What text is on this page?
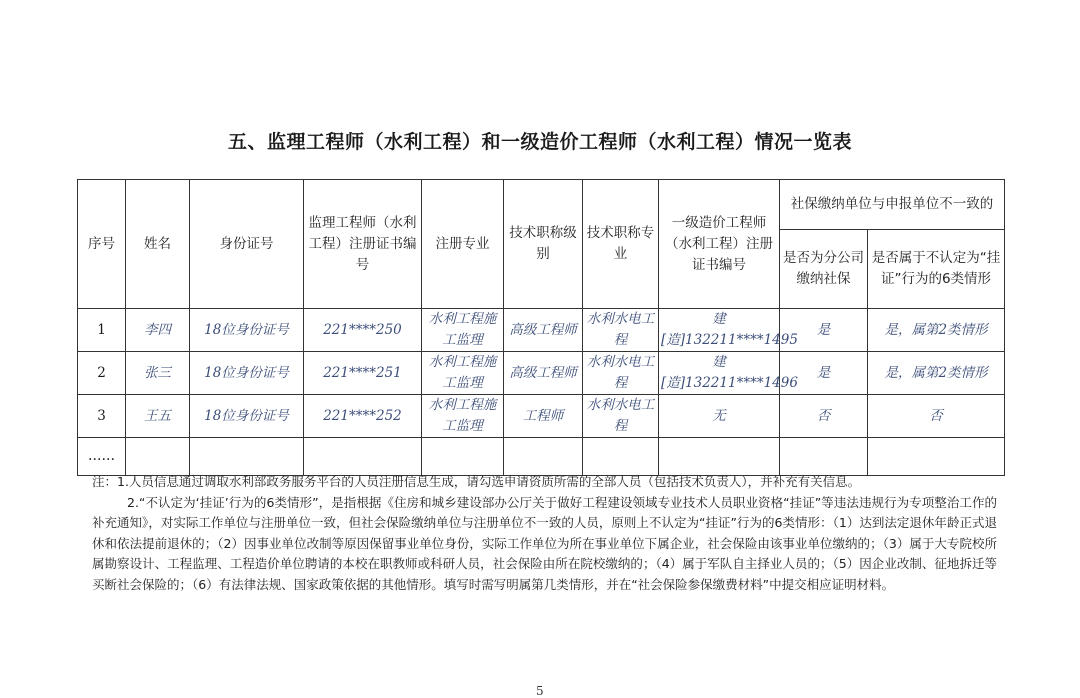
五、监理工程师（水利工程）和一级造价工程师（水利工程）情况一览表
序号	姓名	身份证号	监理工程师（水利工程）注册证书编号	注册专业	技术职称级别	技术职称专业	一级造价工程师（水利工程）注册证书编号	社保缴纳单位与申报单位不一致的	
								是否为分公司缴纳社保	是否属于不认定为“挂证”行为的6类情形
1	李四	18位身份证号	221****250	水利工程施工监理	高级工程师	水利水电工程	建[造]132211****1495	是	是，属第2类情形
2	张三	18位身份证号	221****251	水利工程施工监理	高级工程师	水利水电工程	建[造]132211****1496	是	是，属第2类情形
3	王五	18位身份证号	221****252	水利工程施工监理	工程师	水利水电工程	无	否	否
……									

注：1.人员信息通过调取水利部政务服务平台的人员注册信息生成，请勾选申请资质所需的全部人员（包括技术负责人），并补充有关信息。

2.“不认定为‘挂证’行为的6类情形”，是指根据《住房和城乡建设部办公厅关于做好工程建设领域专业技术人员职业资格“挂证”等违法违规行为专项整治工作的补充通知》，对实际工作单位与注册单位一致，但社会保险缴纳单位与注册单位不一致的人员，原则上不认定为“挂证”行为的6类情形：（1）达到法定退休年龄正式退休和依法提前退休的；（2）因事业单位改制等原因保留事业单位身份，实际工作单位为所在事业单位下属企业，社会保险由该事业单位缴纳的；（3）属于大专院校所属勘察设计、工程监理、工程造价单位聘请的本校在职教师或科研人员，社会保险由所在院校缴纳的；（4）属于军队自主择业人员的；（5）因企业改制、征地拆迁等买断社会保险的；（6）有法律法规、国家政策依据的其他情形。填写时需写明属第几类情形，并在“社会保险参保缴费材料”中提交相应证明材料。

5
